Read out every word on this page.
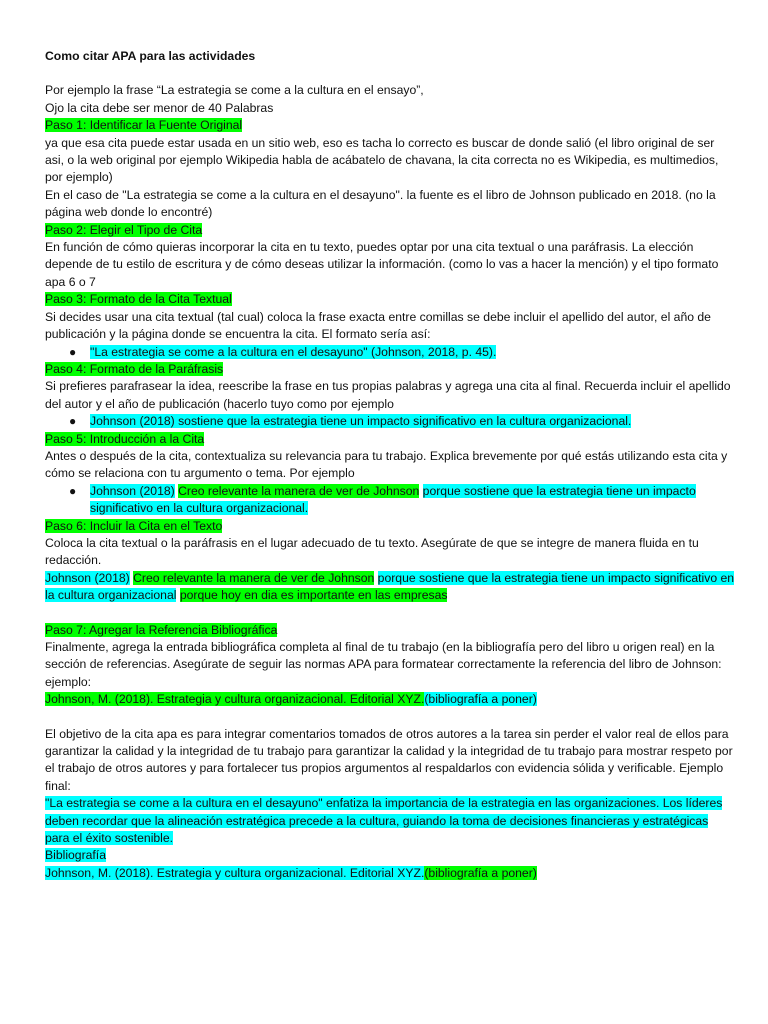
Como citar APA para las actividades

Por ejemplo la frase “La estrategia se come a la cultura en el ensayo”,

Ojo la cita debe ser menor de 40 Palabras

Paso 1: Identificar la Fuente Original

ya que esa cita puede estar usada en un sitio web, eso es tacha lo correcto es buscar de donde salió (el libro original de ser asi, o la web original por ejemplo Wikipedia habla de acábatelo de chavana, la cita correcta no es Wikipedia, es multimedios, por ejemplo)

En el caso de "La estrategia se come a la cultura en el desayuno". la fuente es el libro de Johnson publicado en 2018. (no la página web donde lo encontré)

Paso 2: Elegir el Tipo de Cita

En función de cómo quieras incorporar la cita en tu texto, puedes optar por una cita textual o una paráfrasis. La elección depende de tu estilo de escritura y de cómo deseas utilizar la información. (como lo vas a hacer la mención) y el tipo formato apa 6 o 7

Paso 3: Formato de la Cita Textual

Si decides usar una cita textual (tal cual) coloca la frase exacta entre comillas se debe incluir el apellido del autor, el año de publicación y la página donde se encuentra la cita. El formato sería así:

● "La estrategia se come a la cultura en el desayuno" (Johnson, 2018, p. 45).

Paso 4: Formato de la Paráfrasis

Si prefieres parafrasear la idea, reescribe la frase en tus propias palabras y agrega una cita al final. Recuerda incluir el apellido del autor y el año de publicación (hacerlo tuyo como por ejemplo

● Johnson (2018) sostiene que la estrategia tiene un impacto significativo en la cultura organizacional.

Paso 5: Introducción a la Cita

Antes o después de la cita, contextualiza su relevancia para tu trabajo. Explica brevemente por qué estás utilizando esta cita y cómo se relaciona con tu argumento o tema. Por ejemplo

● Johnson (2018) Creo relevante la manera de ver de Johnson porque sostiene que la estrategia tiene un impacto significativo en la cultura organizacional.

Paso 6: Incluir la Cita en el Texto

Coloca la cita textual o la paráfrasis en el lugar adecuado de tu texto. Asegúrate de que se integre de manera fluida en tu redacción.

Johnson (2018) Creo relevante la manera de ver de Johnson porque sostiene que la estrategia tiene un impacto significativo en la cultura organizacional porque hoy en dia es importante en las empresas

Paso 7: Agregar la Referencia Bibliográfica

Finalmente, agrega la entrada bibliográfica completa al final de tu trabajo (en la bibliografía pero del libro u origen real) en la sección de referencias. Asegúrate de seguir las normas APA para formatear correctamente la referencia del libro de Johnson: ejemplo:

Johnson, M. (2018). Estrategia y cultura organizacional. Editorial XYZ.(bibliografía a poner)

El objetivo de la cita apa es para integrar comentarios tomados de otros autores a la tarea sin perder el valor real de ellos para garantizar la calidad y la integridad de tu trabajo para garantizar la calidad y la integridad de tu trabajo para mostrar respeto por el trabajo de otros autores y para fortalecer tus propios argumentos al respaldarlos con evidencia sólida y verificable. Ejemplo final:

"La estrategia se come a la cultura en el desayuno" enfatiza la importancia de la estrategia en las organizaciones. Los líderes deben recordar que la alineación estratégica precede a la cultura, guiando la toma de decisiones financieras y estratégicas para el éxito sostenible.

Bibliografía

Johnson, M. (2018). Estrategia y cultura organizacional. Editorial XYZ.(bibliografía a poner)
